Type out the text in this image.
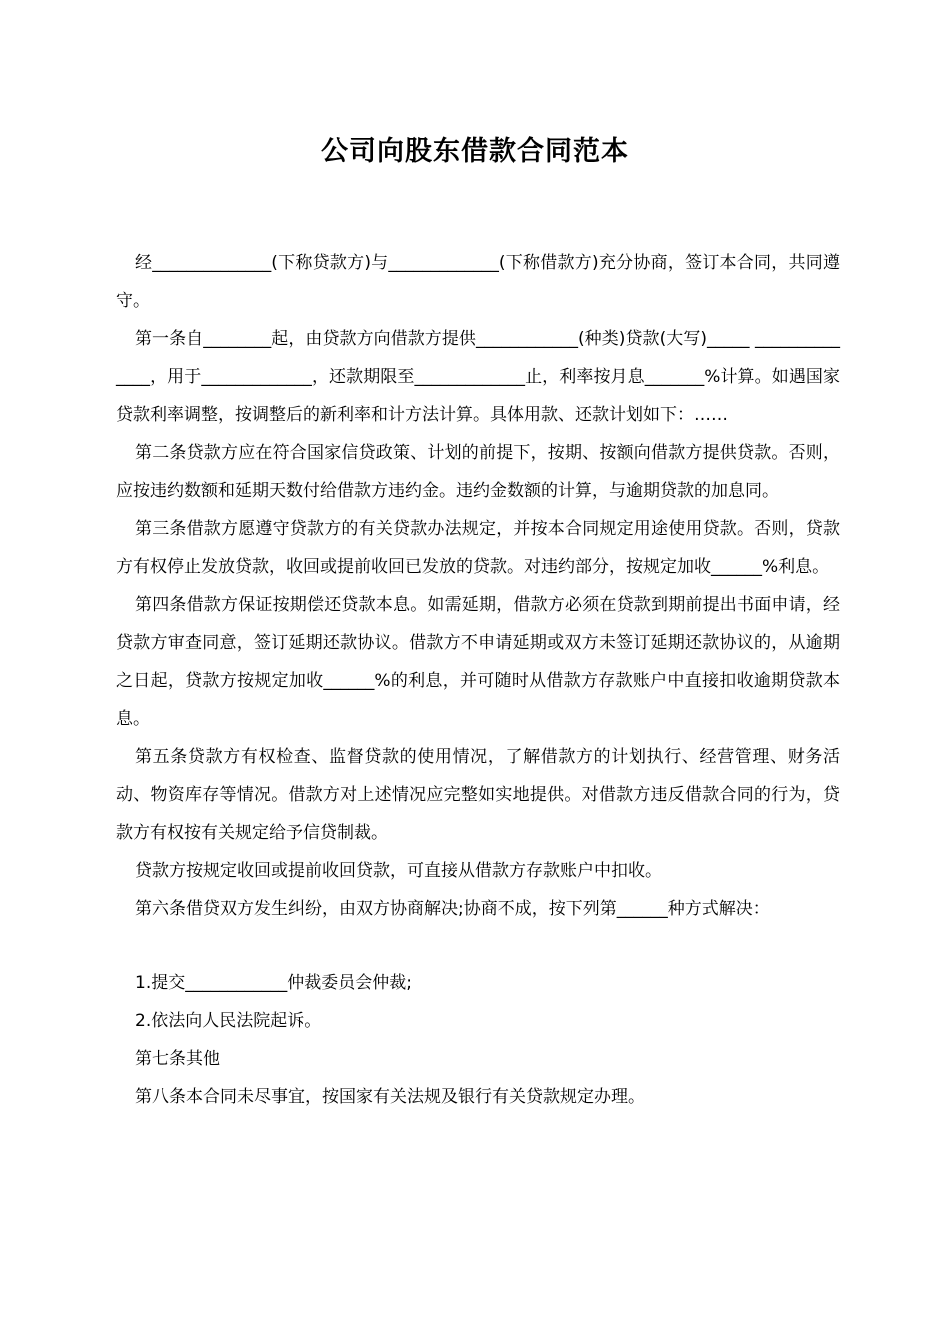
公司向股东借款合同范本

经______________(下称贷款方)与_____________(下称借款方)充分协商，签订本合同，共同遵守。

第一条自________起，由贷款方向借款方提供____________(种类)贷款(大写)_____ ______________，用于_____________，还款期限至_____________止，利率按月息_______%计算。如遇国家贷款利率调整，按调整后的新利率和计方法计算。具体用款、还款计划如下：……

第二条贷款方应在符合国家信贷政策、计划的前提下，按期、按额向借款方提供贷款。否则，应按违约数额和延期天数付给借款方违约金。违约金数额的计算，与逾期贷款的加息同。

第三条借款方愿遵守贷款方的有关贷款办法规定，并按本合同规定用途使用贷款。否则，贷款方有权停止发放贷款，收回或提前收回已发放的贷款。对违约部分，按规定加收______%利息。

第四条借款方保证按期偿还贷款本息。如需延期，借款方必须在贷款到期前提出书面申请，经贷款方审查同意，签订延期还款协议。借款方不申请延期或双方未签订延期还款协议的，从逾期之日起，贷款方按规定加收______%的利息，并可随时从借款方存款账户中直接扣收逾期贷款本息。

第五条贷款方有权检查、监督贷款的使用情况，了解借款方的计划执行、经营管理、财务活动、物资库存等情况。借款方对上述情况应完整如实地提供。对借款方违反借款合同的行为，贷款方有权按有关规定给予信贷制裁。

贷款方按规定收回或提前收回贷款，可直接从借款方存款账户中扣收。

第六条借贷双方发生纠纷，由双方协商解决;协商不成，按下列第______种方式解决：

1.提交____________仲裁委员会仲裁;

2.依法向人民法院起诉。

第七条其他

第八条本合同未尽事宜，按国家有关法规及银行有关贷款规定办理。
